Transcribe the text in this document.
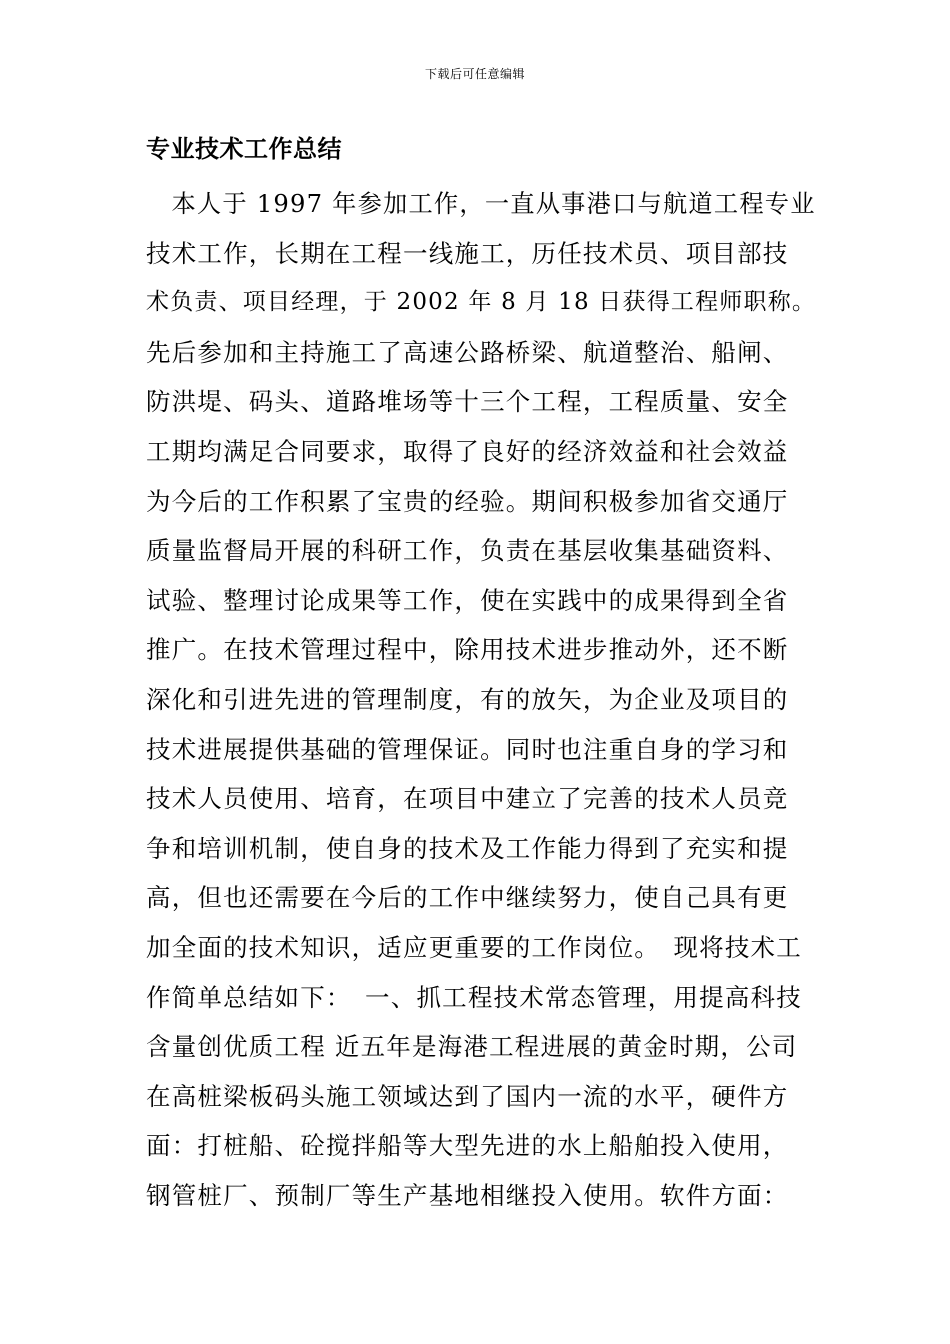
下载后可任意编辑
专业技术工作总结
　本人于 1997 年参加工作，一直从事港口与航道工程专业
技术工作，长期在工程一线施工，历任技术员、项目部技
术负责、项目经理，于 2002 年 8 月 18 日获得工程师职称。
先后参加和主持施工了高速公路桥梁、航道整治、船闸、
防洪堤、码头、道路堆场等十三个工程，工程质量、安全
工期均满足合同要求，取得了良好的经济效益和社会效益
为今后的工作积累了宝贵的经验。期间积极参加省交通厅
质量监督局开展的科研工作，负责在基层收集基础资料、
试验、整理讨论成果等工作，使在实践中的成果得到全省
推广。在技术管理过程中，除用技术进步推动外，还不断
深化和引进先进的管理制度，有的放矢，为企业及项目的
技术进展提供基础的管理保证。同时也注重自身的学习和
技术人员使用、培育，在项目中建立了完善的技术人员竞
争和培训机制，使自身的技术及工作能力得到了充实和提
高，但也还需要在今后的工作中继续努力，使自己具有更
加全面的技术知识，适应更重要的工作岗位。　现将技术工
作简单总结如下：　一、抓工程技术常态管理，用提高科技
含量创优质工程 近五年是海港工程进展的黄金时期，公司
在高桩梁板码头施工领域达到了国内一流的水平，硬件方
面：打桩船、砼搅拌船等大型先进的水上船舶投入使用，
钢管桩厂、预制厂等生产基地相继投入使用。软件方面：
